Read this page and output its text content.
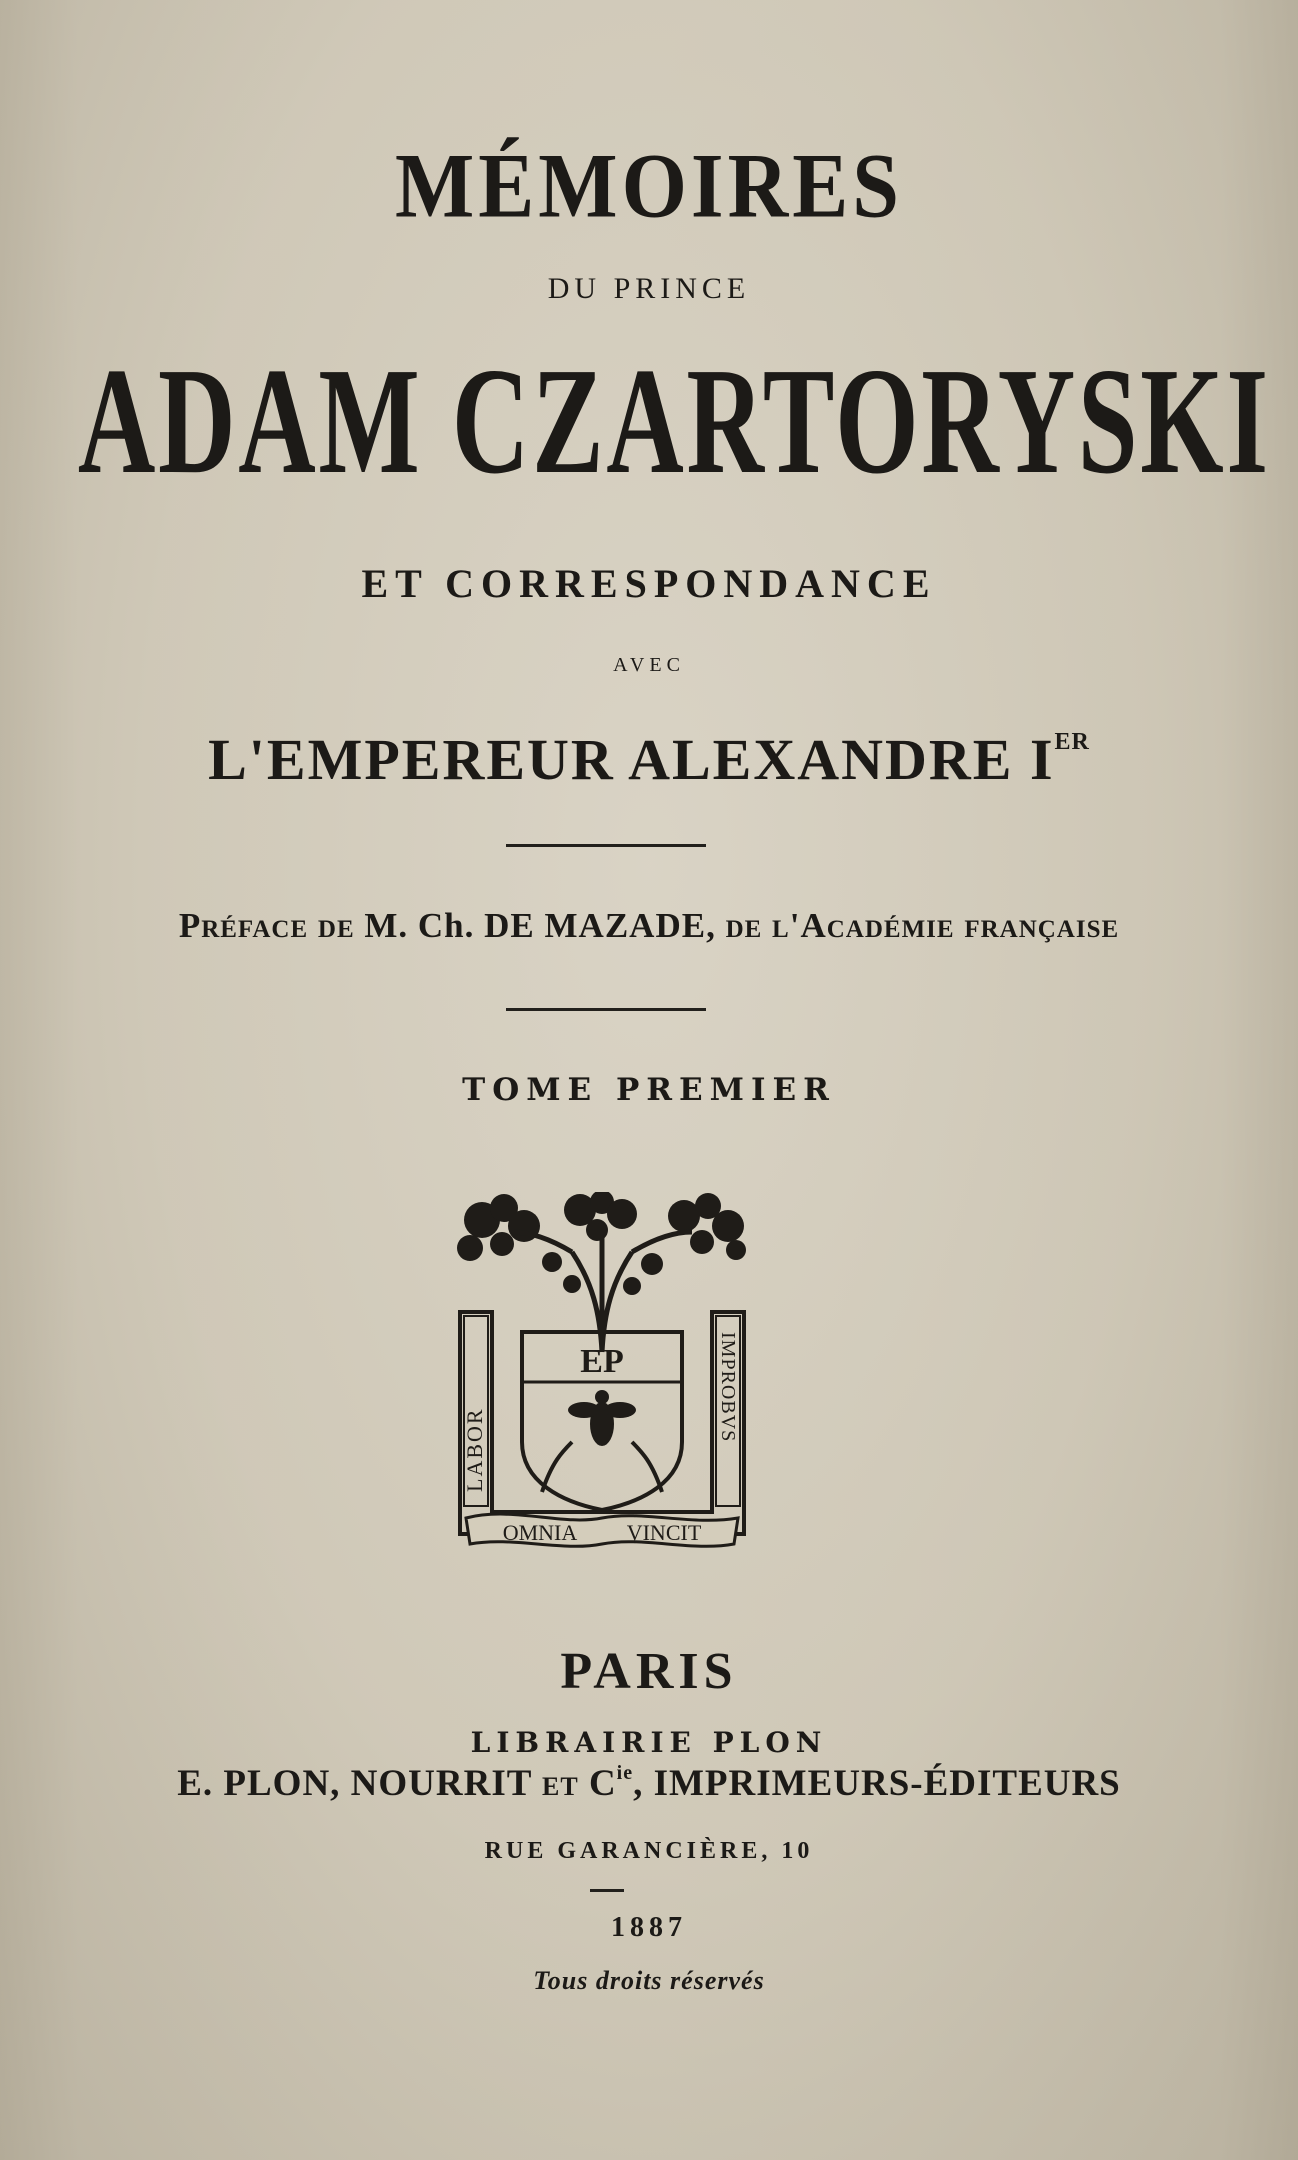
MÉMOIRES
DU PRINCE
ADAM CZARTORYSKI
ET CORRESPONDANCE
AVEC
L'EMPEREUR ALEXANDRE IER
Préface de M. Ch. DE MAZADE, de l'Académie française
TOME PREMIER
EP
LABOR
IMPROBVS
OMNIA VINCIT
PARIS
LIBRAIRIE PLON
E. PLON, NOURRIT ET $C^{ie}$, IMPRIMEURS-ÉDITEURS
RUE GARANCIÈRE, 10
1887
Tous droits réservés
